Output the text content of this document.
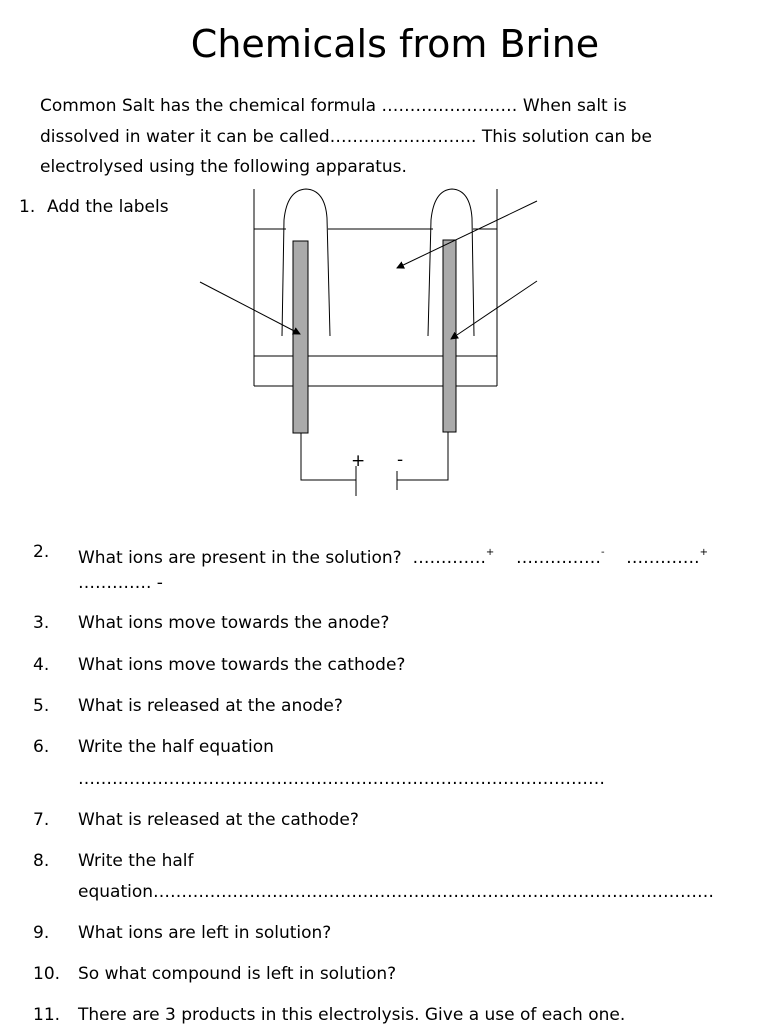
Chemicals from Brine
Common Salt has the chemical formula …………………… When salt is
dissolved in water it can be called…………………….. This solution can be
electrolysed using the following apparatus.
1. Add the labels
+ -
2. What ions are present in the solution? ………….+ ……………- ………….+
…………. -
3. What ions move towards the anode?
4. What ions move towards the cathode?
5. What is released at the anode?
6. Write the half equation
…………………………………………………………………………………
7. What is released at the cathode?
8. Write the half
equation………………………………………………………………………………………
9. What ions are left in solution?
10. So what compound is left in solution?
11. There are 3 products in this electrolysis. Give a use of each one.
